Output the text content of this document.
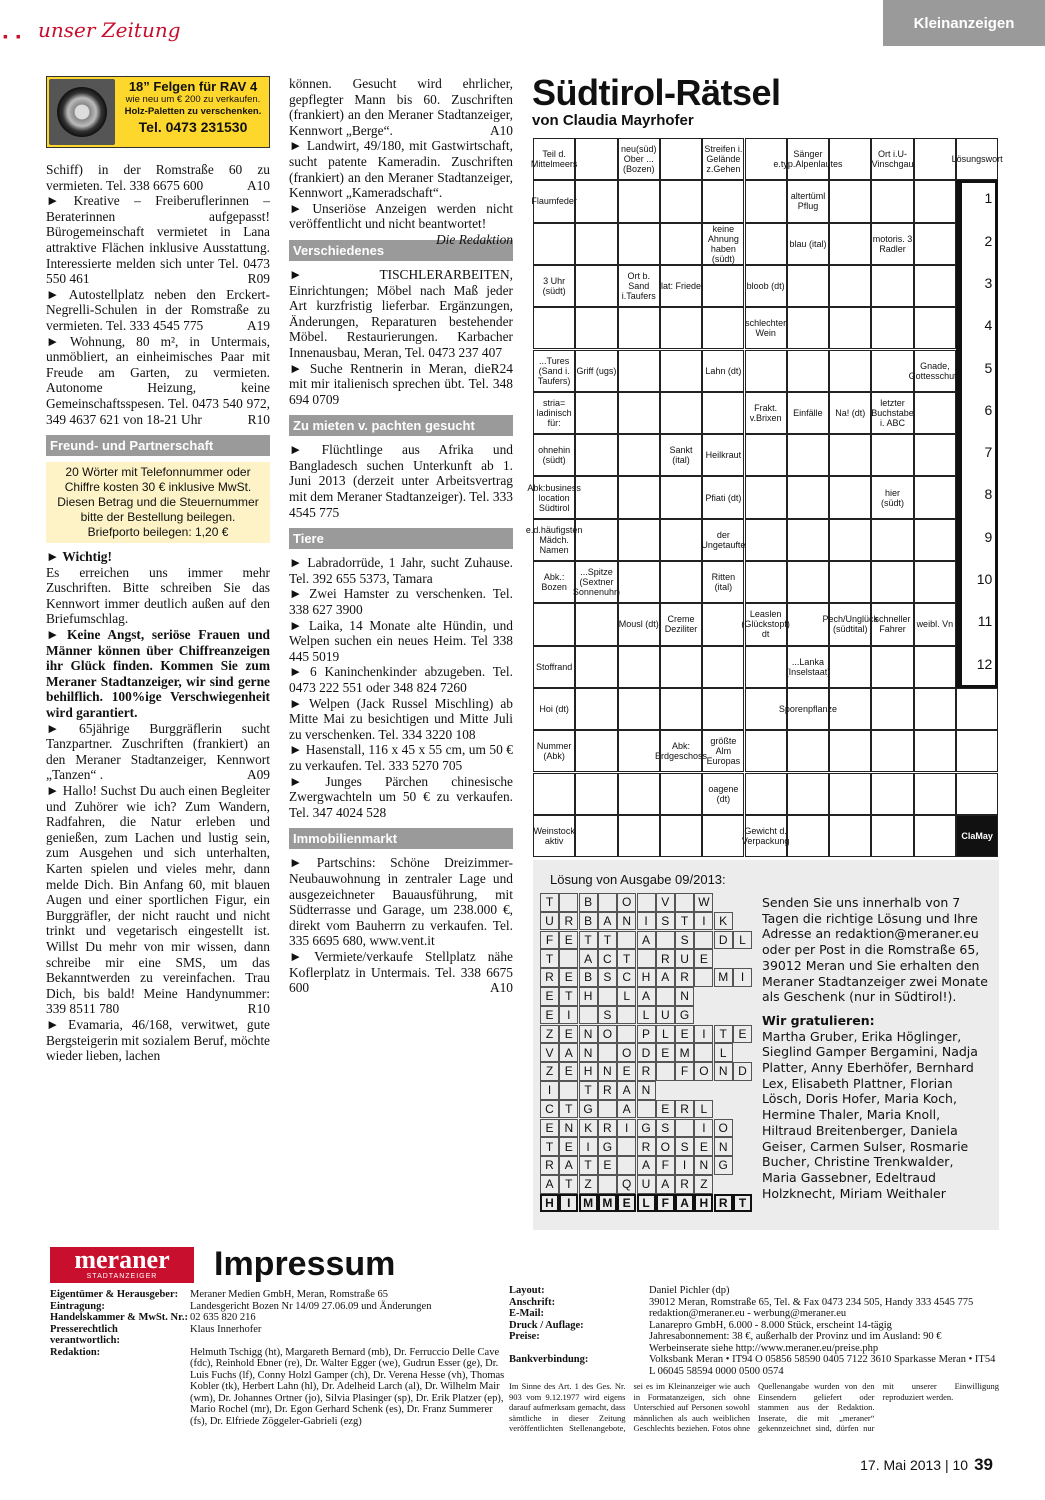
▪ ▪ unser Zeitung	Kleinanzeigen
18” Felgen für RAV 4
wie neu um € 200 zu verkaufen.
Holz-Paletten zu verschenken.
Tel. 0473 231530

Schiff) in der Romstraße 60 zu vermieten. Tel. 338 6675 600	A10

► Kreative – Freiberuflerinnen – Beraterinnen aufgepasst! Bürogemeinschaft vermietet in Lana attraktive Flächen inklusive Ausstattung. Interessierte melden sich unter Tel. 0473 550 461	R09

► Autostellplatz neben den Erckert-Negrelli-Schulen in der Romstraße zu vermieten. Tel. 333 4545 775	A19

► Wohnung, 80 m², in Untermais, unmöbliert, an einheimisches Paar mit Freude am Garten, zu vermieten. Autonome Heizung, keine Gemeinschaftsspesen. Tel. 0473 540 972, 349 4637 621 von 18-21 Uhr	R10

Freund- und Partnerschaft
20 Wörter mit Telefonnummer oder Chiffre kosten 30 € inklusive MwSt.
Diesen Betrag und die Steuernummer bitte der Bestellung beilegen.
Briefporto beilegen: 1,20 €

► Wichtig!

Es erreichen uns immer mehr Zuschriften. Bitte schreiben Sie das Kennwort immer deutlich außen auf den Briefumschlag.

► Keine Angst, seriöse Frauen und Männer können über Chiffreanzeigen ihr Glück finden. Kommen Sie zum Meraner Stadtanzeiger, wir sind gerne behilflich. 100%ige Verschwiegenheit wird garantiert.

► 65jährige Burggräflerin sucht Tanzpartner. Zuschriften (frankiert) an den Meraner Stadtanzeiger, Kennwort „Tanzen“ .	A09

► Hallo! Suchst Du auch einen Begleiter und Zuhörer wie ich? Zum Wandern, Radfahren, die Natur erleben und genießen, zum Lachen und lustig sein, zum Ausgehen und sich unterhalten, Karten spielen und vieles mehr, dann melde Dich. Bin Anfang 60, mit blauen Augen und einer sportlichen Figur, ein Burggräfler, der nicht raucht und nicht trinkt und vegetarisch eingestellt ist. Willst Du mehr von mir wissen, dann schreibe mir eine SMS, um das Bekanntwerden zu vereinfachen. Trau Dich, bis bald! Meine Handynummer: 339 8511 780	R10

► Evamaria, 46/168, verwitwet, gute Bergsteigerin mit sozialem Beruf, möchte wieder lieben, lachen

können. Gesucht wird ehrlicher, gepflegter Mann bis 60. Zuschriften (frankiert) an den Meraner Stadtanzeiger, Kennwort „Berge“.	A10

► Landwirt, 49/180, mit Gastwirtschaft, sucht patente Kameradin. Zuschriften (frankiert) an den Meraner Stadtanzeiger, Kennwort „Kameradschaft“.

► Unseriöse Anzeigen werden nicht veröffentlicht und nicht beantwortet!
Die Redaktion

Verschiedenes

► TISCHLERARBEITEN, Einrichtungen; Möbel nach Maß jeder Art kurzfristig lieferbar. Ergänzungen, Änderungen, Reparaturen bestehender Möbel. Restaurierungen. Karbacher Innenausbau, Meran, Tel. 0473 237 407
R24

► Suche Rentnerin in Meran, die mit mir italienisch sprechen übt. Tel. 348 694 0709

Zu mieten v. pachten gesucht

► Flüchtlinge aus Afrika und Bangladesch suchen Unterkunft ab 1. Juni 2013 (derzeit unter Arbeitsvertrag mit dem Meraner Stadtanzeiger). Tel. 333 4545 775

Tiere

► Labradorrüde, 1 Jahr, sucht Zuhause. Tel. 392 655 5373, Tamara

► Zwei Hamster zu verschenken. Tel. 338 627 3900

► Laika, 14 Monate alte Hündin, und Welpen suchen ein neues Heim. Tel 338 445 5019

► 6 Kaninchenkinder abzugeben. Tel. 0473 222 551 oder 348 824 7260

► Welpen (Jack Russel Mischling) ab Mitte Mai zu besichtigen und Mitte Juli zu verschenken. Tel. 334 3220 108

► Hasenstall, 116 x 45 x 55 cm, um 50 € zu verkaufen. Tel. 333 5270 705

► Junges Pärchen chinesische Zwergwachteln um 50 € zu verkaufen. Tel. 347 4024 528

Immobilienmarkt

► Partschins: Schöne Dreizimmer-Neubauwohnung in zentraler Lage und ausgezeichneter Bauausführung, mit Südterrasse und Garage, um 238.000 €, direkt vom Bauherrn zu verkaufen. Tel. 335 6695 680, www.vent.it

► Vermiete/verkaufe Stellplatz nähe Koflerplatz in Untermais. Tel. 338 6675 600	A10

Südtirol-Rätsel
von Claudia Mayrhofer
Teil d. Mittelmeers
neu(süd) Ober ... (Bozen)
Streifen i. Gelände z.Gehen
Sänger e.typ.Alpenlautes
Ort i.U-Vinschgau	Lösungswort
Flaumfeder	altertüml Pflug
keine Ahnung haben (südt)
blau (ital)	motoris. 3 Radler
3 Uhr (südt)
Ort b. Sand i.Taufers
lat: Friede	bloob (dt)
schlechter Wein
...Tures (Sand i. Taufers)
Griff (ugs)	Lahn (dt)	Gnade, Gottesschutz
stria= ladinisch für:
Frakt. v.Brixen	Einfälle	Na! (dt)
letzter Buchstabe i. ABC
ohnehin (südt)
Sankt (ital)	Heilkraut
Abk:business location Südtirol
Pfiati (dt)	hier (südt)
e.d.häufigsten Mädch. Namen
der Ungetaufte
Abk.: Bozen
...Spitze (Sextner Sonnenuhr)
Ritten (ital)
Mousl (dt) Creme Deziliter
Leaslen (Glückstopf) dt
Pech/Unglück (südtital)
schneller Fahrer	weibl. Vn
Stoffrand	...Lanka (Inselstaat)
Hoi (dt)	Sporenpflanze
Nummer (Abk)
Abk: Erdgeschoss
größte Alm Europas
oagene (dt)
Weinstock aktiv
Gewicht d. Verpackung	ClaMay
1
2
3
4
5
6
7
8
9
10
11
12
Lösung von Ausgabe 09/2013:
T	B	O	V	W
U R B A N	I	S T	I	K
F E T T	A	S	D L
T	A C T	R U E
R E B S C H A R	M	I
E T H	L A	N
E	I	S	L U G
Z E N O	P L E	I	T E
V A N	O D E M	L
Z E H N E R	F O N D
I	T R A N
C T G	A	E R L
E N K R	I	G S	I	O
T E	I	G	R O S E N
R A T E	A F	I	N G
A T Z	Q U A R Z
H	I	M M E L F A H R T
Senden Sie uns innerhalb von 7 Tagen die richtige Lösung und Ihre Adresse an redaktion@meraner.eu oder per Post in die Romstraße 65, 39012 Meran und Sie erhalten den Meraner Stadtanzeiger zwei Monate als Geschenk (nur in Südtirol!).
Wir gratulieren:
Martha Gruber, Erika Höglinger, Sieglind Gamper Bergamini, Nadja Platter, Anny Eberhöfer, Bernhard Lex, Elisabeth Plattner, Florian Lösch, Doris Hofer, Maria Koch, Hermine Thaler, Maria Knoll, Hiltraud Breitenberger, Daniela Geiser, Carmen Sulser, Rosmarie Bucher, Christine Trenkwalder, Maria Gassebner, Edeltraud Holzknecht, Miriam Weithaler
meraner
STADTANZEIGER	Impressum
Eigentümer & Herausgeber:	Meraner Medien GmbH, Meran, Romstraße 65
Eintragung:	Landesgericht Bozen Nr 14/09 27.06.09 und Änderungen
Handelskammer & MwSt. Nr.: 02 635 820 216
Presserechtlich verantwortlich:
Klaus Innerhofer
Redaktion:	Helmuth Tschigg (ht), Margareth Bernard (mb), Dr. Ferruccio Delle Cave (fdc), Reinhold Ebner (re), Dr. Walter Egger (we), Gudrun Esser (ge), Dr. Luis Fuchs (lf), Conny Holzl Gamper (ch), Dr. Verena Hesse (vh), Thomas Kobler (tk), Herbert Lahn (hl), Dr. Adelheid Larch (al), Dr. Wilhelm Mair (wm), Dr. Johannes Ortner (jo), Silvia Plasinger (sp), Dr. Erik Platzer (ep), Mario Rochel (mr), Dr. Egon Gerhard Schenk (es), Dr. Franz Summerer (fs), Dr. Elfriede Zöggeler-Gabrieli (ezg)
Layout:	Daniel Pichler (dp)
Anschrift:	39012 Meran, Romstraße 65, Tel. & Fax 0473 234 505, Handy 333 4545 775
E-Mail:	redaktion@meraner.eu - werbung@meraner.eu
Druck / Auflage:	Lanarepro GmbH, 6.000 - 8.000 Stück, erscheint 14-tägig
Preise:	Jahresabonnement: 38 €, außerhalb der Provinz und im Ausland: 90 € Werbeinserate siehe http://www.meraner.eu/preise.php
Bankverbindung:	Volksbank Meran • IT94 O 05856 58590 0405 7122 3610 Sparkasse Meran • IT54 L 06045 58594 0000 0500 0574
Im Sinne des Art. 1 des Ges. Nr. 903 vom 9.12.1977 wird eigens darauf aufmerksam gemacht, dass sämtliche in dieser Zeitung veröffentlichten Stellenangebote, sei es im Kleinanzeiger wie auch in Formatanzeigen, sich ohne Unterschied auf Personen sowohl männlichen als auch weiblichen Geschlechts beziehen. Fotos ohne Quellenangabe wurden von den Einsendern geliefert oder stammen aus der Redaktion. Inserate, die mit „meraner“ gekennzeichnet sind, dürfen nur mit unserer Einwilligung reproduziert werden.
17. Mai 2013 | 10 39
